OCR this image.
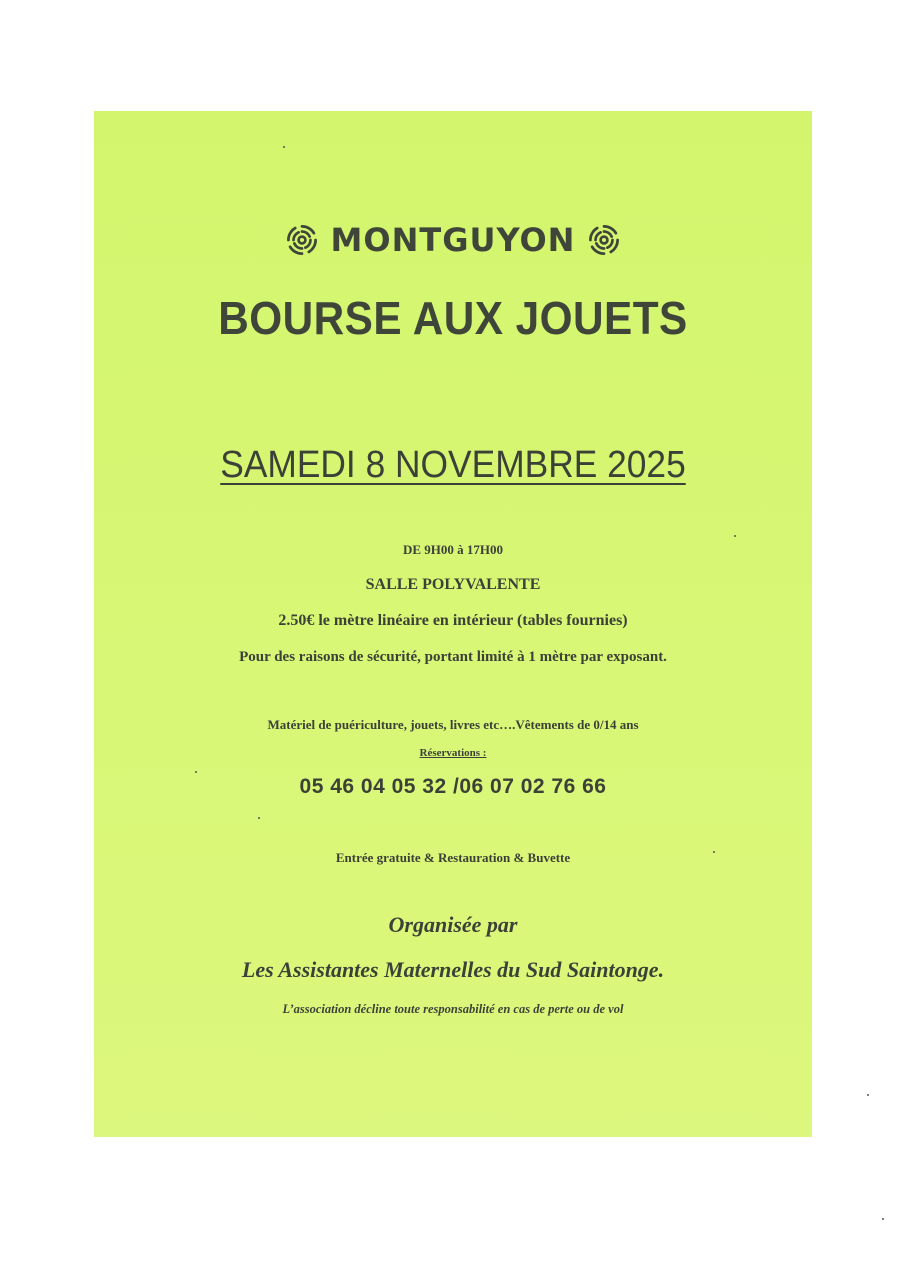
MONTGUYON
BOURSE AUX JOUETS
SAMEDI 8 NOVEMBRE 2025
DE 9H00 à 17H00
SALLE POLYVALENTE
2.50€ le mètre linéaire en intérieur (tables fournies)
Pour des raisons de sécurité, portant limité à 1 mètre par exposant.
Matériel de puériculture, jouets, livres etc….Vêtements de 0/14 ans
Réservations :
05 46 04 05 32 /06 07 02 76 66
Entrée gratuite & Restauration & Buvette
Organisée par
Les Assistantes Maternelles du Sud Saintonge.
L’association décline toute responsabilité en cas de perte ou de vol
